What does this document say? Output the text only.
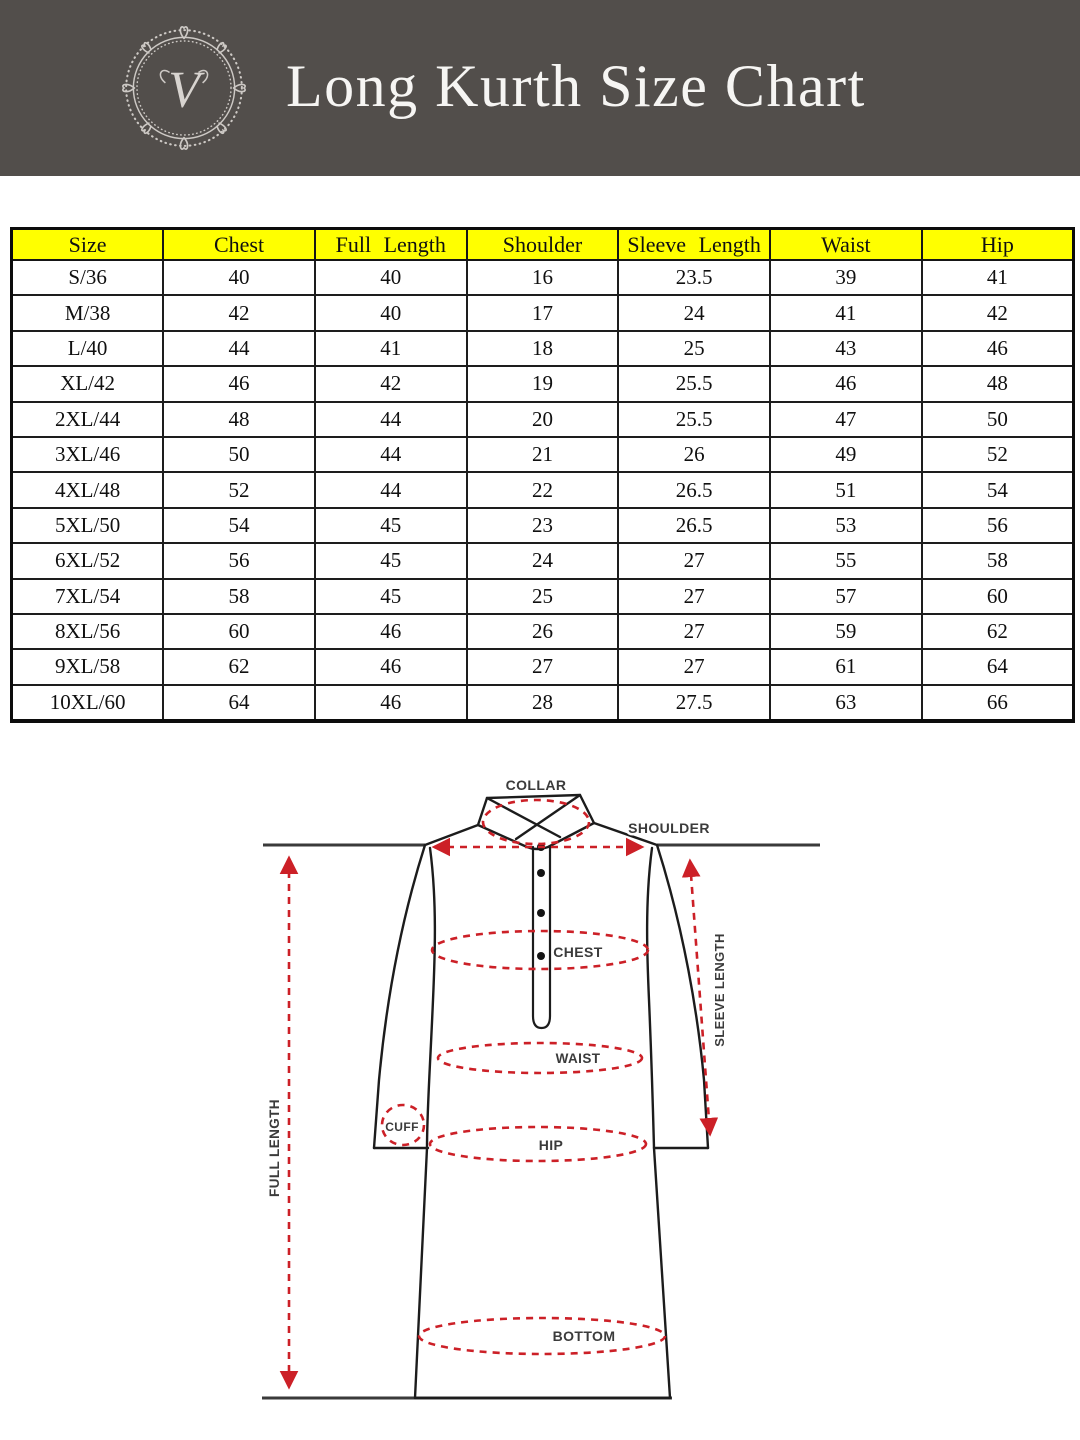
V Long Kurth Size Chart
Size	Chest	Full Length	Shoulder	Sleeve Length	Waist	Hip
S/36	40	40	16	23.5	39	41
M/38	42	40	17	24	41	42
L/40	44	41	18	25	43	46
XL/42	46	42	19	25.5	46	48
2XL/44	48	44	20	25.5	47	50
3XL/46	50	44	21	26	49	52
4XL/48	52	44	22	26.5	51	54
5XL/50	54	45	23	26.5	53	56
6XL/52	56	45	24	27	55	58
7XL/54	58	45	25	27	57	60
8XL/56	60	46	26	27	59	62
9XL/58	62	46	27	27	61	64
10XL/60	64	46	28	27.5	63	66
COLLAR
SHOULDER
CHEST
WAIST
CUFF
HIP
BOTTOM
SLEEVE LENGTH
FULL LENGTH
